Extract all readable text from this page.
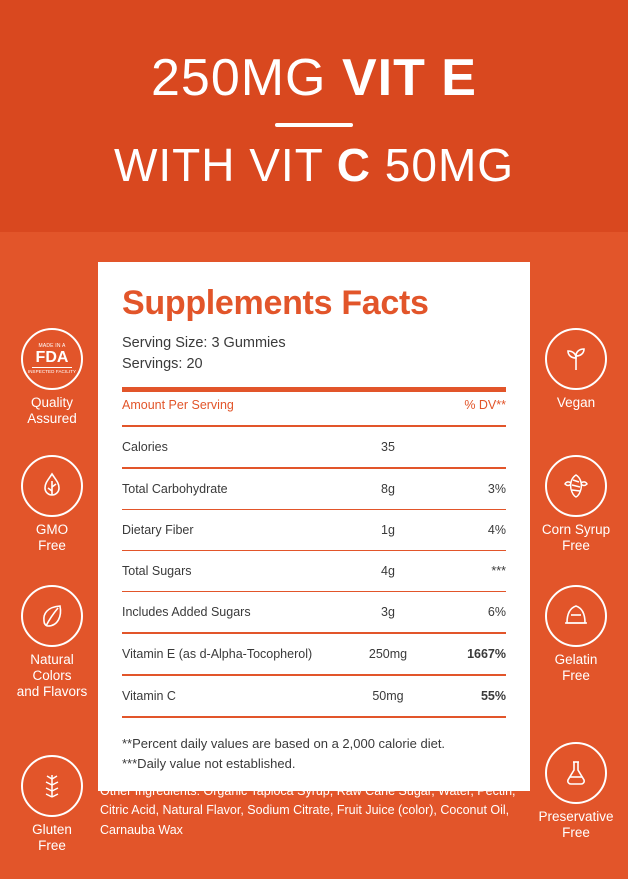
250MG VIT E
WITH VIT C 50MG
Supplements Facts
Serving Size: 3 Gummies
Servings: 20
Amount Per Serving		% DV**

Calories	35	

Total Carbohydrate	8g	3%

Dietary Fiber	1g	4%

Total Sugars	4g	***

Includes Added Sugars	3g	6%

Vitamin E (as d-Alpha-Tocopherol)	250mg	1667%

Vitamin C	50mg	55%

**Percent daily values are based on a 2,000 calorie diet.
***Daily value not established.
Other Ingredients: Organic Tapioca Syrup, Raw Cane Sugar, Water, Pectin, Citric Acid, Natural Flavor, Sodium Citrate, Fruit Juice (color), Coconut Oil, Carnauba Wax
MADE IN A
FDA
INSPECTED FACILITY
Quality
Assured
GMO
Free
Natural
Colors
and Flavors
Gluten
Free
Vegan
Corn Syrup
Free
Gelatin
Free
Preservative
Free
